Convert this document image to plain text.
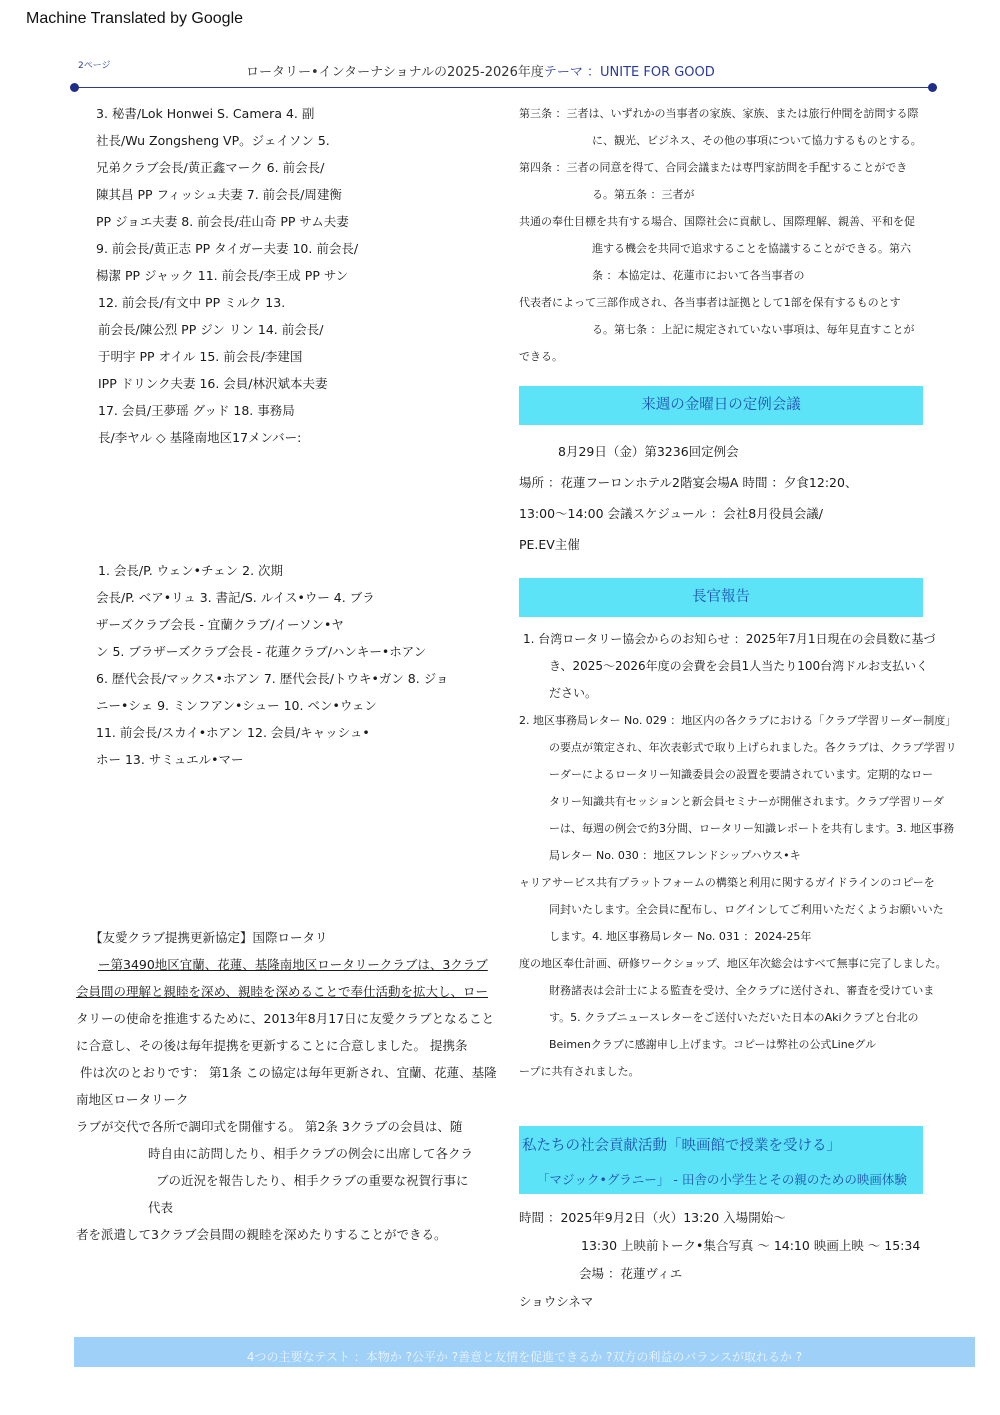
Machine Translated by Google
2ページ	ロータリー•インターナショナルの2025-2026年度テーマ ：UNITE FOR GOOD
3. 秘書/Lok Honwei S. Camera 4. 副
社長/Wu Zongsheng VP。ジェイソン 5.
兄弟クラブ会長/黄正鑫マーク 6. 前会長/
陳其昌 PP フィッシュ夫妻 7. 前会長/周建衡
PP ジョエ夫妻 8. 前会長/荘山奇 PP サム夫妻
9. 前会長/黄正志 PP タイガー夫妻 10. 前会長/
楊潔 PP ジャック 11. 前会長/李王成 PP サン
12. 前会長/有文中 PP ミルク 13.
前会長/陳公烈 PP ジン リン 14. 前会長/
于明宇 PP オイル 15. 前会長/李建国
IPP ドリンク夫妻 16. 会員/林沢斌本夫妻
17. 会員/王夢瑶 グッド 18. 事務局
長/李ヤル ◇ 基隆南地区17メンバー:
1. 会長/P. ウェン•チェン 2. 次期
会長/P. ベア•リュ 3. 書記/S. ルイス•ウー 4. ブラ
ザーズクラブ会長 - 宜蘭クラブ/イーソン•ヤ
ン 5. ブラザーズクラブ会長 - 花蓮クラブ/ハンキー•ホアン
6. 歴代会長/マックス•ホアン 7. 歴代会長/トウキ•ガン 8. ジョ
ニー•シェ 9. ミンフアン•シュー 10. ベン•ウェン
11. 前会長/スカイ•ホアン 12. 会員/キャッシュ•
ホー 13. サミュエル•マー
【友愛クラブ提携更新協定】国際ロータリ
ー第3490地区宜蘭、花蓮、基隆南地区ロータリークラブは、3クラブ
会員間の理解と親睦を深め、親睦を深めることで奉仕活動を拡大し、ロー
タリーの使命を推進するために、2013年8月17日に友愛クラブとなること
に合意し、その後は毎年提携を更新することに合意しました。 提携条
件は次のとおりです： 第1条 この協定は毎年更新され、宜蘭、花蓮、基隆
南地区ロータリーク
ラブが交代で各所で調印式を開催する。 第2条 3クラブの会員は、随
時自由に訪問したり、相手クラブの例会に出席して各クラ
ブの近況を報告したり、相手クラブの重要な祝賀行事に
代表
者を派遣して3クラブ会員間の親睦を深めたりすることができる。
第三条 ：三者は、いずれかの当事者の家族、家族、または旅行仲間を訪問する際
に、観光、ビジネス、その他の事項について協力するものとする。
第四条 ：三者の同意を得て、合同会議または専門家訪問を手配することができ
る。第五条 ：三者が
共通の奉仕目標を共有する場合、国際社会に貢献し、国際理解、親善、平和を促
進する機会を共同で追求することを協議することができる。第六
条 ：本協定は、花蓮市において各当事者の
代表者によって三部作成され、各当事者は証拠として1部を保有するものとす
る。第七条 ：上記に規定されていない事項は、毎年見直すことが
できる。
来週の金曜日の定例会議
8月29日（金）第3236回定例会
場所 ：花蓮フーロンホテル2階宴会場A 時間 ：夕食12:20、
13:00～14:00 会議スケジュール ：会社8月役員会議/
PE.EV主催
長官報告
1. 台湾ロータリー協会からのお知らせ ：2025年7月1日現在の会員数に基づ
き、2025～2026年度の会費を会員1人当たり100台湾ドルお支払いく
ださい。
2. 地区事務局レター No. 029 ：地区内の各クラブにおける「クラブ学習リーダー制度」
の要点が策定され、年次表彰式で取り上げられました。各クラブは、クラブ学習リ
ーダーによるロータリー知識委員会の設置を要請されています。定期的なロー
タリー知識共有セッションと新会員セミナーが開催されます。クラブ学習リーダ
ーは、毎週の例会で約3分間、ロータリー知識レポートを共有します。3. 地区事務
局レター No. 030 ：地区フレンドシップハウス•キ
ャリアサービス共有プラットフォームの構築と利用に関するガイドラインのコピーを
同封いたします。全会員に配布し、ログインしてご利用いただくようお願いいた
します。4. 地区事務局レター No. 031 ：2024-25年
度の地区奉仕計画、研修ワークショップ、地区年次総会はすべて無事に完了しました。
財務諸表は会計士による監査を受け、全クラブに送付され、審査を受けていま
す。5. クラブニュースレターをご送付いただいた日本のAkiクラブと台北の
Beimenクラブに感謝申し上げます。コピーは弊社の公式Lineグル
ープに共有されました。
私たちの社会貢献活動「映画館で授業を受ける」
「マジック•グラニー」 - 田舎の小学生とその親のための映画体験
時間 ：2025年9月2日（火）13:20 入場開始～
13:30 上映前トーク•集合写真 ～ 14:10 映画上映 ～ 15:34
会場 ：花蓮ヴィエ
ショウシネマ
4つの主要なテスト ：本物か ?公平か ?善意と友情を促進できるか ?双方の利益のバランスが取れるか ?
